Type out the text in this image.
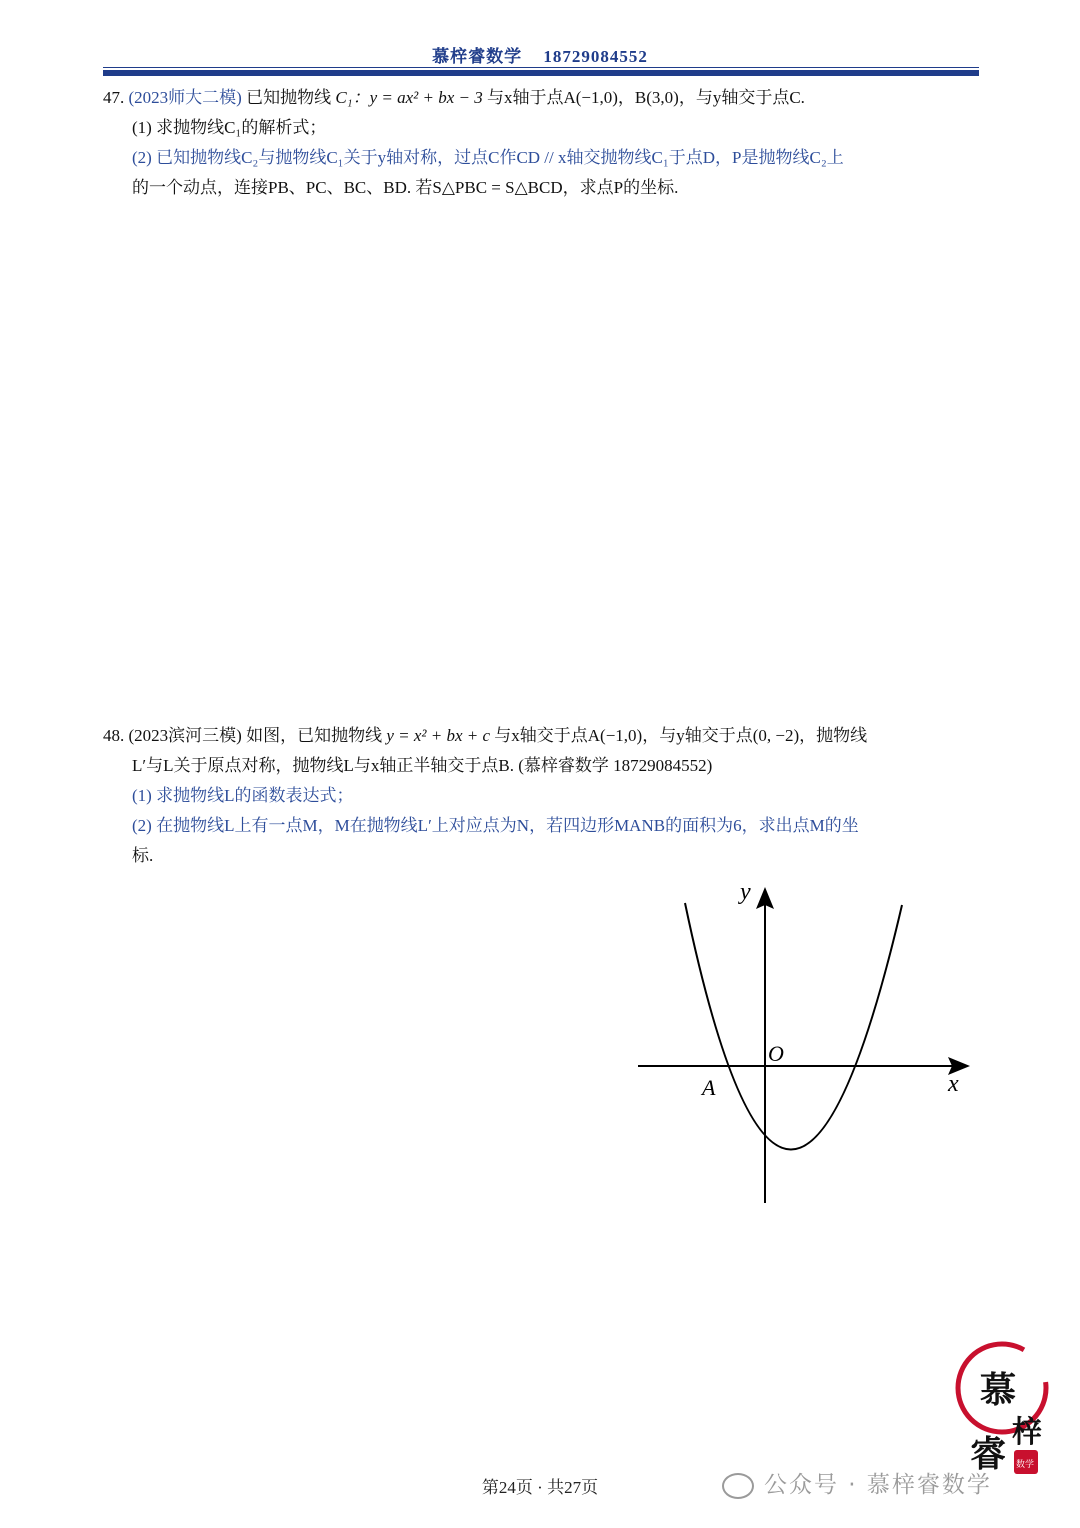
慕梓睿数学 18729084552
47. (2023师大二模) 已知抛物线 C₁：y = ax² + bx − 3 与x轴于点A(−1,0)，B(3,0)，与y轴交于点C.
(1) 求抛物线C₁的解析式；
(2) 已知抛物线C₂与抛物线C₁关于y轴对称，过点C作CD // x轴交抛物线C₁于点D，P是抛物线C₂上
的一个动点，连接PB、PC、BC、BD. 若S△PBC = S△BCD，求点P的坐标.
48. (2023滨河三模) 如图，已知抛物线 y = x² + bx + c 与x轴交于点A(−1,0)，与y轴交于点(0, −2)，抛物线
L′与L关于原点对称，抛物线L与x轴正半轴交于点B. (慕梓睿数学 18729084552)
(1) 求抛物线L的函数表达式；
(2) 在抛物线L上有一点M，M在抛物线L′上对应点为N，若四边形MANB的面积为6，求出点M的坐
标.
y
x
O
A
第24页 · 共27页	公众号 · 慕梓睿数学
慕
梓
睿 数学
